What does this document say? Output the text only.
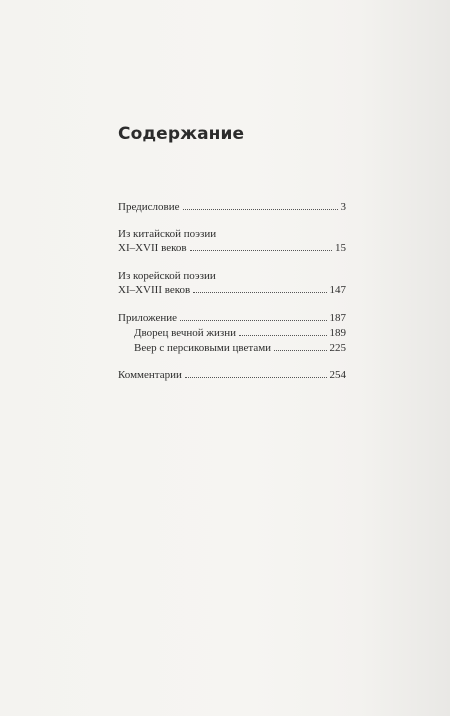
Содержание
Предисловие	3
Из китайской поэзии
XI–XVII веков	15
Из корейской поэзии
XI–XVIII веков	147
Приложение	187
Дворец вечной жизни	189
Веер с персиковыми цветами	225
Комментарии	254
